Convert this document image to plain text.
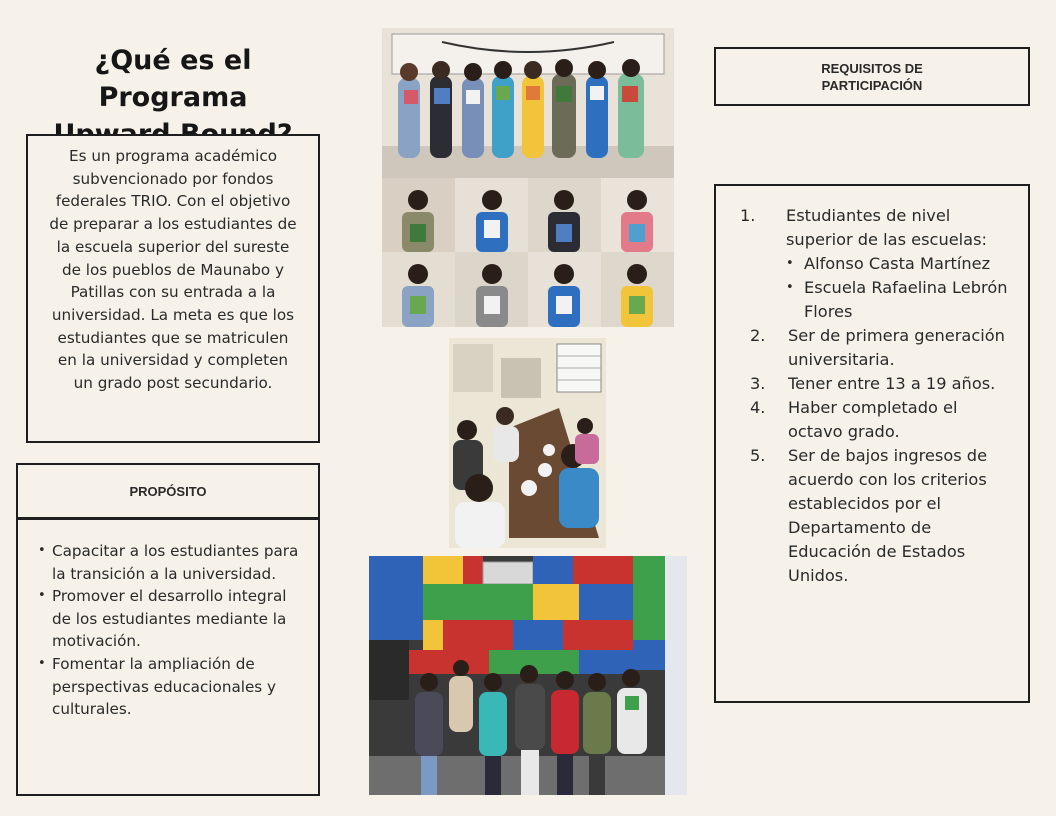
¿Qué es el Programa
Es un programa académico subvencionado por fondos federales TRIO. Con el objetivo de preparar a los estudiantes de la escuela superior del sureste de los pueblos de Maunabo y Patillas con su entrada a la universidad. La meta es que los estudiantes que se matriculen en la universidad y completen un grado post secundario.
PROPÓSITO
• Capacitar a los estudiantes para la transición a la universidad.
• Promover el desarrollo integral de los estudiantes mediante la motivación.
• Fomentar la ampliación de perspectivas educacionales y culturales.
REQUISITOS DE
PARTICIPACIÓN
1. Estudiantes de nivel superior de las escuelas:
• Alfonso Casta Martínez
• Escuela Rafaelina Lebrón Flores
2. Ser de primera generación universitaria.
3. Tener entre 13 a 19 años.
4. Haber completado el octavo grado.
5. Ser de bajos ingresos de acuerdo con los criterios establecidos por el Departamento de Educación de Estados Unidos.
